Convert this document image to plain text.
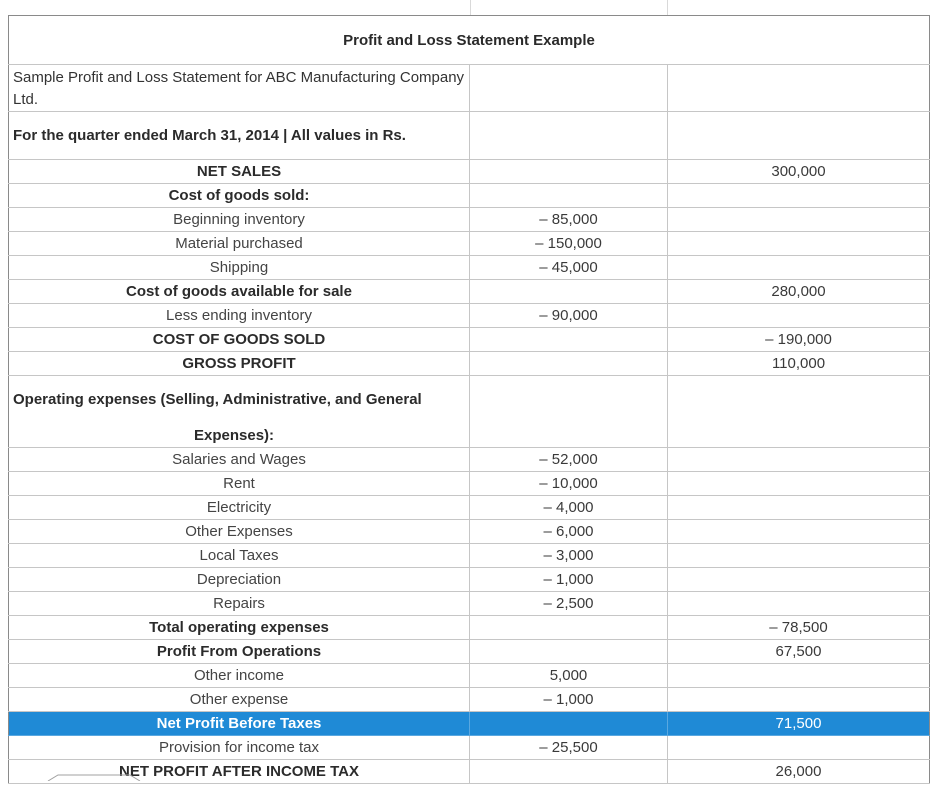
Profit and Loss Statement Example		
Sample Profit and Loss Statement for ABC Manufacturing Company Ltd.		
For the quarter ended March 31, 2014 | All values in Rs.		
NET SALES		300,000
Cost of goods sold:		
Beginning inventory	– 85,000	
Material purchased	– 150,000	
Shipping	– 45,000	
Cost of goods available for sale		280,000
Less ending inventory	– 90,000	
COST OF GOODS SOLD		– 190,000
GROSS PROFIT		110,000
Operating expenses (Selling, Administrative, and General		
Expenses):		
Salaries and Wages	– 52,000	
Rent	– 10,000	
Electricity	– 4,000	
Other Expenses	– 6,000	
Local Taxes	– 3,000	
Depreciation	– 1,000	
Repairs	– 2,500	
Total operating expenses		– 78,500
Profit From Operations		67,500
Other income	5,000	
Other expense	– 1,000	
Net Profit Before Taxes		71,500
Provision for income tax	– 25,500	
NET PROFIT AFTER INCOME TAX		26,000
